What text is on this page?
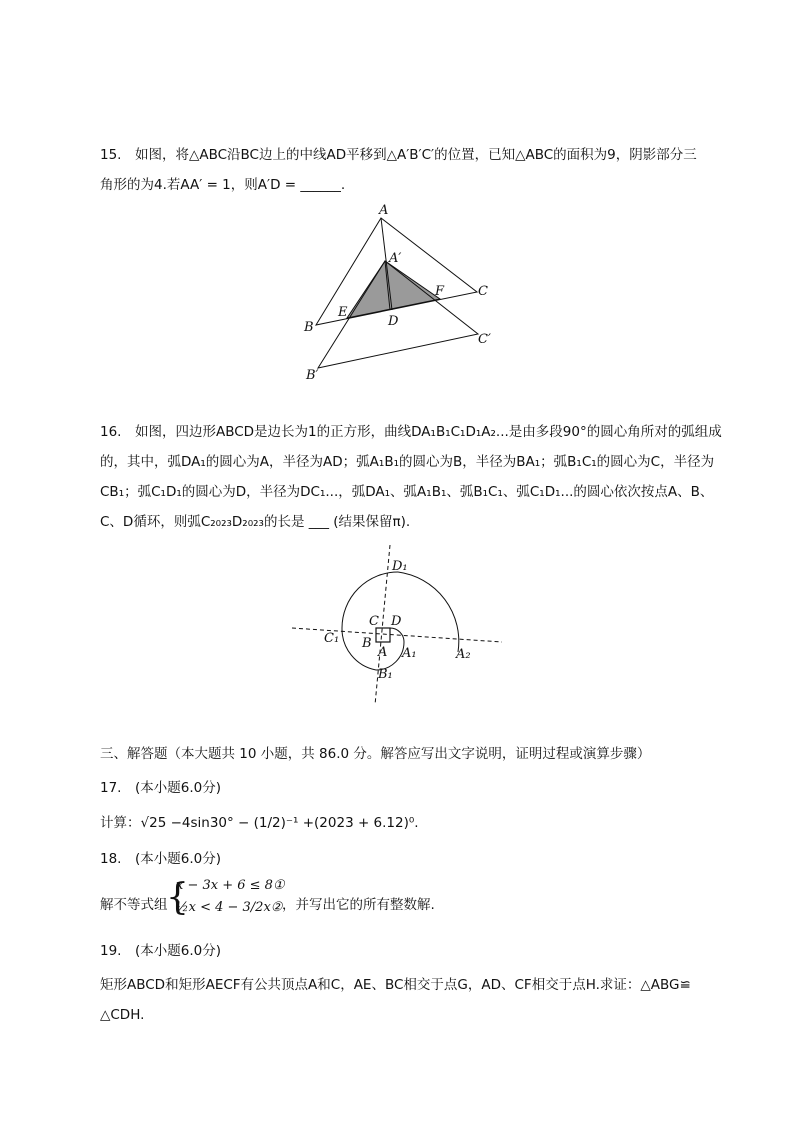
15.　如图，将△ABC沿BC边上的中线AD平移到△A′B′C′的位置，已知△ABC的面积为9，阴影部分三
角形的为4.若AA′ = 1，则A′D = ______.
A
A′
B
C
D
E
F
B′
C′
D₁
C D
C₁ B
A A₁	A₂
B₁
16.　如图，四边形ABCD是边长为1的正方形，曲线DA₁B₁C₁D₁A₂...是由多段90°的圆心角所对的弧组成
的，其中，弧DA₁的圆心为A，半径为AD；弧A₁B₁的圆心为B，半径为BA₁；弧B₁C₁的圆心为C，半径为
CB₁；弧C₁D₁的圆心为D，半径为DC₁...，弧DA₁、弧A₁B₁、弧B₁C₁、弧C₁D₁...的圆心依次按点A、B、
C、D循环，则弧C₂₀₂₃D₂₀₂₃的长是 ___ (结果保留π).
三、解答题（本大题共 10 小题，共 86.0 分。解答应写出文字说明，证明过程或演算步骤）
17.　(本小题6.0分)
计算：√25 −4sin30° − (1/2)⁻¹ +(2023 + 6.12)⁰.
18.　(本小题6.0分)
解不等式组
{
x − 3x + 6 ≤ 8①
½x < 4 − 3/2x② ，并写出它的所有整数解.
19.　(本小题6.0分)
矩形ABCD和矩形AECF有公共顶点A和C，AE、BC相交于点G，AD、CF相交于点H.求证：△ABG≌
△CDH.
